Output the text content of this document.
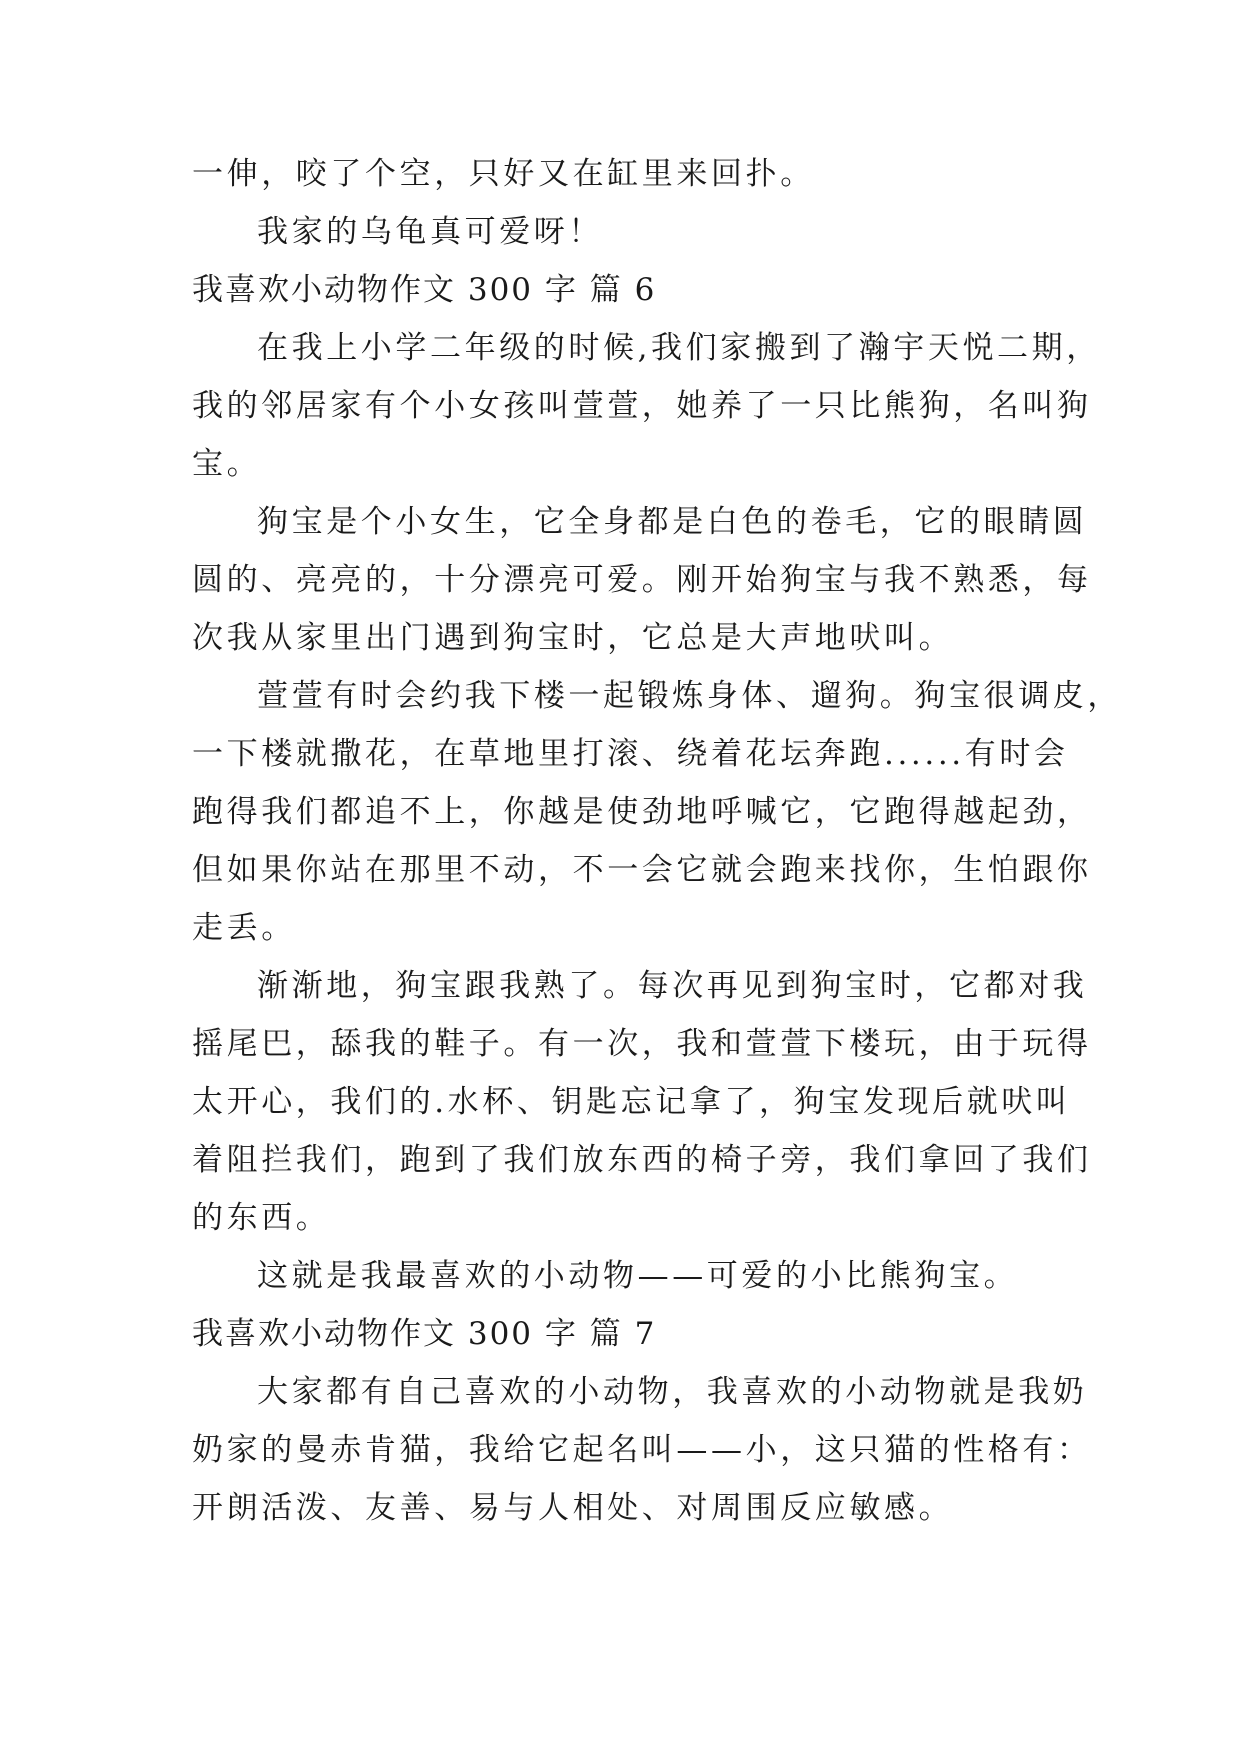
一伸，咬了个空，只好又在缸里来回扑。
我家的乌龟真可爱呀！
我喜欢小动物作文 300 字 篇 6
在我上小学二年级的时候,我们家搬到了瀚宇天悦二期，
我的邻居家有个小女孩叫萱萱，她养了一只比熊狗，名叫狗
宝。
狗宝是个小女生，它全身都是白色的卷毛，它的眼睛圆
圆的、亮亮的，十分漂亮可爱。刚开始狗宝与我不熟悉，每
次我从家里出门遇到狗宝时，它总是大声地吠叫。
萱萱有时会约我下楼一起锻炼身体、遛狗。狗宝很调皮，
一下楼就撒花，在草地里打滚、绕着花坛奔跑......有时会
跑得我们都追不上，你越是使劲地呼喊它，它跑得越起劲，
但如果你站在那里不动，不一会它就会跑来找你，生怕跟你
走丢。
渐渐地，狗宝跟我熟了。每次再见到狗宝时，它都对我
摇尾巴，舔我的鞋子。有一次，我和萱萱下楼玩，由于玩得
太开心，我们的.水杯、钥匙忘记拿了，狗宝发现后就吠叫
着阻拦我们，跑到了我们放东西的椅子旁，我们拿回了我们
的东西。
这就是我最喜欢的小动物——可爱的小比熊狗宝。
我喜欢小动物作文 300 字 篇 7
大家都有自己喜欢的小动物，我喜欢的小动物就是我奶
奶家的曼赤肯猫，我给它起名叫——小，这只猫的性格有：
开朗活泼、友善、易与人相处、对周围反应敏感。
